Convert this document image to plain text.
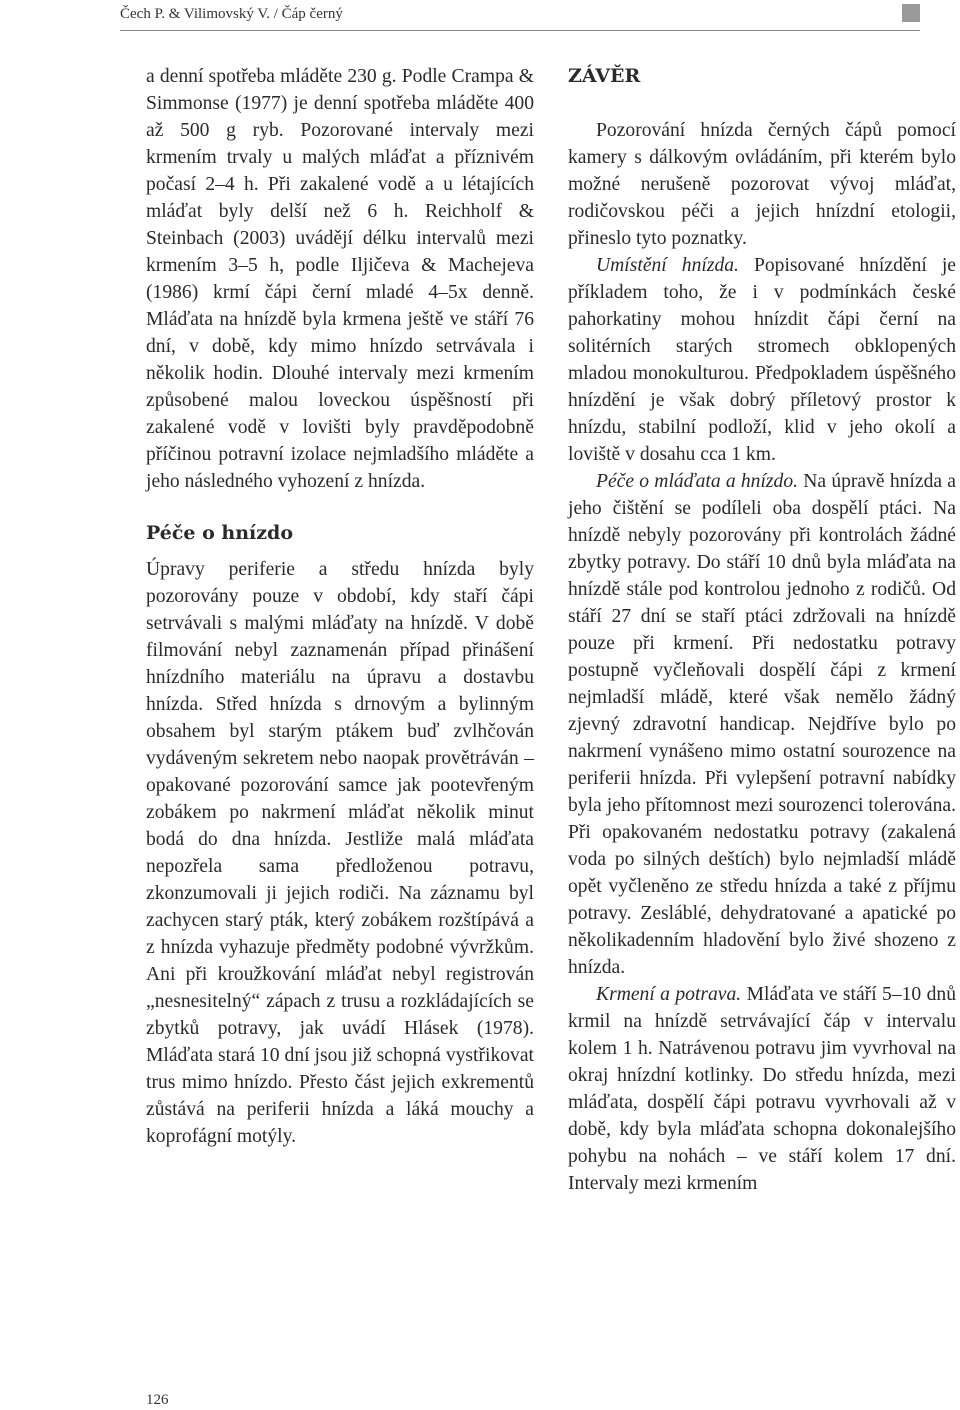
Čech P. & Vilimovský V. / Čáp černý

a denní spotřeba mláděte 230 g. Podle Crampa & Simmonse (1977) je denní spotřeba mláděte 400 až 500 g ryb. Pozorované intervaly mezi krmením trvaly u malých mláďat a příznivém počasí 2–4 h. Při zakalené vodě a u létajících mláďat byly delší než 6 h. Reichholf & Steinbach (2003) uvádějí délku intervalů mezi krmením 3–5 h, podle Iljičeva & Machejeva (1986) krmí čápi černí mladé 4–5x denně. Mláďata na hnízdě byla krmena ještě ve stáří 76 dní, v době, kdy mimo hnízdo setrvávala i několik hodin. Dlouhé intervaly mezi krmením způsobené malou loveckou úspěšností při zakalené vodě v lovišti byly pravděpodobně příčinou potravní izolace nejmladšího mláděte a jeho následného vyhození z hnízda.

Péče o hnízdo

Úpravy periferie a středu hnízda byly pozorovány pouze v období, kdy staří čápi setrvávali s malými mláďaty na hnízdě. V době filmování nebyl zaznamenán případ přinášení hnízdního materiálu na úpravu a dostavbu hnízda. Střed hnízda s drnovým a bylinným obsahem byl starým ptákem buď zvlhčován vydáveným sekretem nebo naopak provětráván – opakované pozorování samce jak pootevřeným zobákem po nakrmení mláďat několik minut bodá do dna hnízda. Jestliže malá mláďata nepozřela sama předloženou potravu, zkonzumovali ji jejich rodiči. Na záznamu byl zachycen starý pták, který zobákem rozštípává a z hnízda vyhazuje předměty podobné vývržkům. Ani při kroužkování mláďat nebyl registrován „nesnesitelný“ zápach z trusu a rozkládajících se zbytků potravy, jak uvádí Hlásek (1978). Mláďata stará 10 dní jsou již schopná vystřikovat trus mimo hnízdo. Přesto část jejich exkrementů zůstává na periferii hnízda a láká mouchy a koprofágní motýly.

ZÁVĚR

Pozorování hnízda černých čápů pomocí kamery s dálkovým ovládáním, při kterém bylo možné nerušeně pozorovat vývoj mláďat, rodičovskou péči a jejich hnízdní etologii, přineslo tyto poznatky.

Umístění hnízda. Popisované hnízdění je příkladem toho, že i v podmínkách české pahorkatiny mohou hnízdit čápi černí na solitérních starých stromech obklopených mladou monokulturou. Předpokladem úspěšného hnízdění je však dobrý příletový prostor k hnízdu, stabilní podloží, klid v jeho okolí a loviště v dosahu cca 1 km.

Péče o mláďata a hnízdo. Na úpravě hnízda a jeho čištění se podíleli oba dospělí ptáci. Na hnízdě nebyly pozorovány při kontrolách žádné zbytky potravy. Do stáří 10 dnů byla mláďata na hnízdě stále pod kontrolou jednoho z rodičů. Od stáří 27 dní se staří ptáci zdržovali na hnízdě pouze při krmení. Při nedostatku potravy postupně vyčleňovali dospělí čápi z krmení nejmladší mládě, které však nemělo žádný zjevný zdravotní handicap. Nejdříve bylo po nakrmení vynášeno mimo ostatní sourozence na periferii hnízda. Při vylepšení potravní nabídky byla jeho přítomnost mezi sourozenci tolerována. Při opakovaném nedostatku potravy (zakalená voda po silných deštích) bylo nejmladší mládě opět vyčleněno ze středu hnízda a také z příjmu potravy. Zesláblé, dehydratované a apatické po několikadenním hladovění bylo živé shozeno z hnízda.

Krmení a potrava. Mláďata ve stáří 5–10 dnů krmil na hnízdě setrvávající čáp v intervalu kolem 1 h. Natrávenou potravu jim vyvrhoval na okraj hnízdní kotlinky. Do středu hnízda, mezi mláďata, dospělí čápi potravu vyvrhovali až v době, kdy byla mláďata schopna dokonalejšího pohybu na nohách – ve stáří kolem 17 dní. Intervaly mezi krmením

126
